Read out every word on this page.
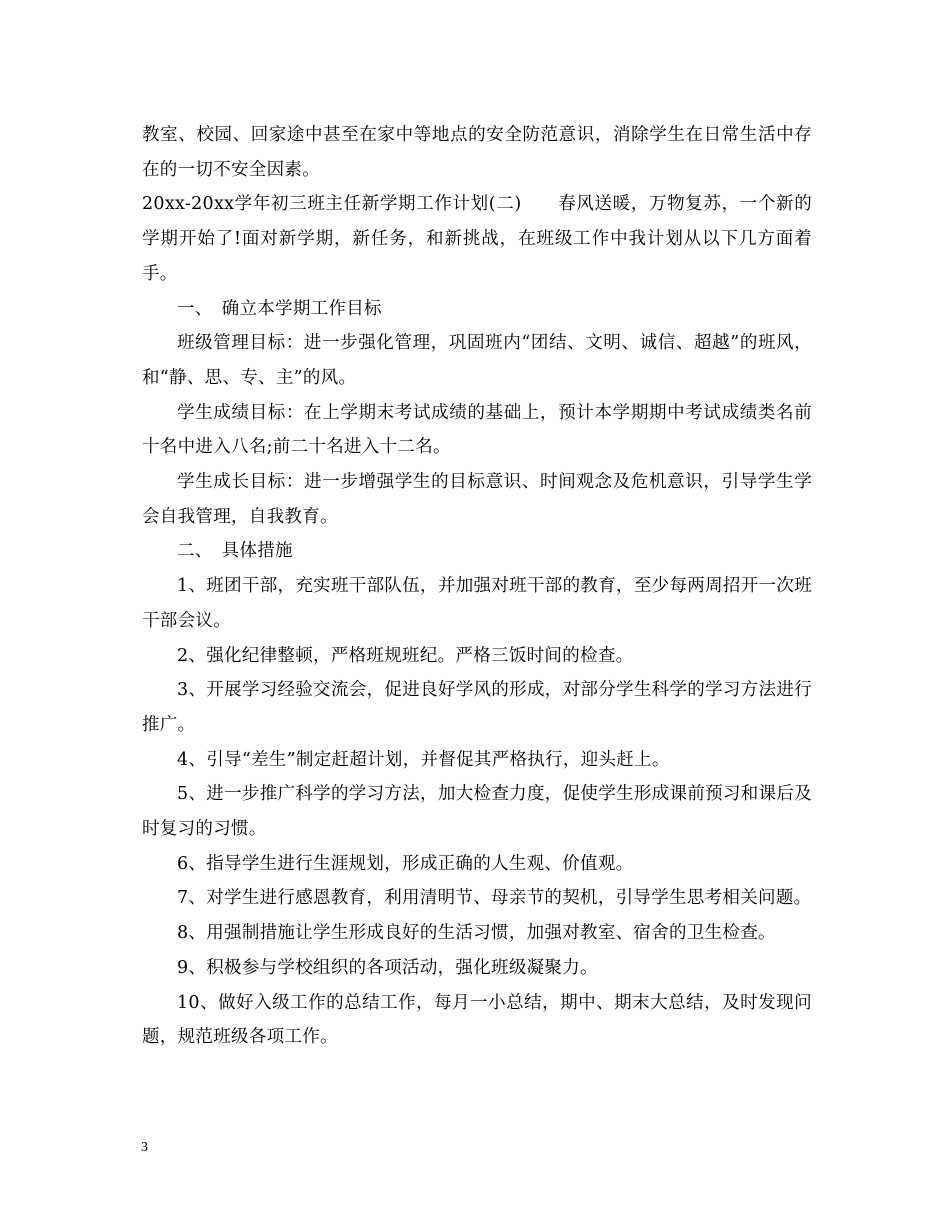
教室、校园、回家途中甚至在家中等地点的安全防范意识，消除学生在日常生活中存在的一切不安全因素。

20xx-20xx学年初三班主任新学期工作计划(二)　　春风送暖，万物复苏，一个新的学期开始了!面对新学期，新任务，和新挑战，在班级工作中我计划从以下几方面着手。

一、　确立本学期工作目标

班级管理目标：进一步强化管理，巩固班内“团结、文明、诚信、超越”的班风，和“静、思、专、主”的风。

学生成绩目标：在上学期末考试成绩的基础上，预计本学期期中考试成绩类名前十名中进入八名;前二十名进入十二名。

学生成长目标：进一步增强学生的目标意识、时间观念及危机意识，引导学生学会自我管理，自我教育。

二、　具体措施

1、班团干部，充实班干部队伍，并加强对班干部的教育，至少每两周招开一次班干部会议。

2、强化纪律整顿，严格班规班纪。严格三饭时间的检查。

3、开展学习经验交流会，促进良好学风的形成，对部分学生科学的学习方法进行推广。

4、引导“差生”制定赶超计划，并督促其严格执行，迎头赶上。

5、进一步推广科学的学习方法，加大检查力度，促使学生形成课前预习和课后及时复习的习惯。

6、指导学生进行生涯规划，形成正确的人生观、价值观。

7、对学生进行感恩教育，利用清明节、母亲节的契机，引导学生思考相关问题。

8、用强制措施让学生形成良好的生活习惯，加强对教室、宿舍的卫生检查。

9、积极参与学校组织的各项活动，强化班级凝聚力。

10、做好入级工作的总结工作，每月一小总结，期中、期末大总结，及时发现问题，规范班级各项工作。

3
